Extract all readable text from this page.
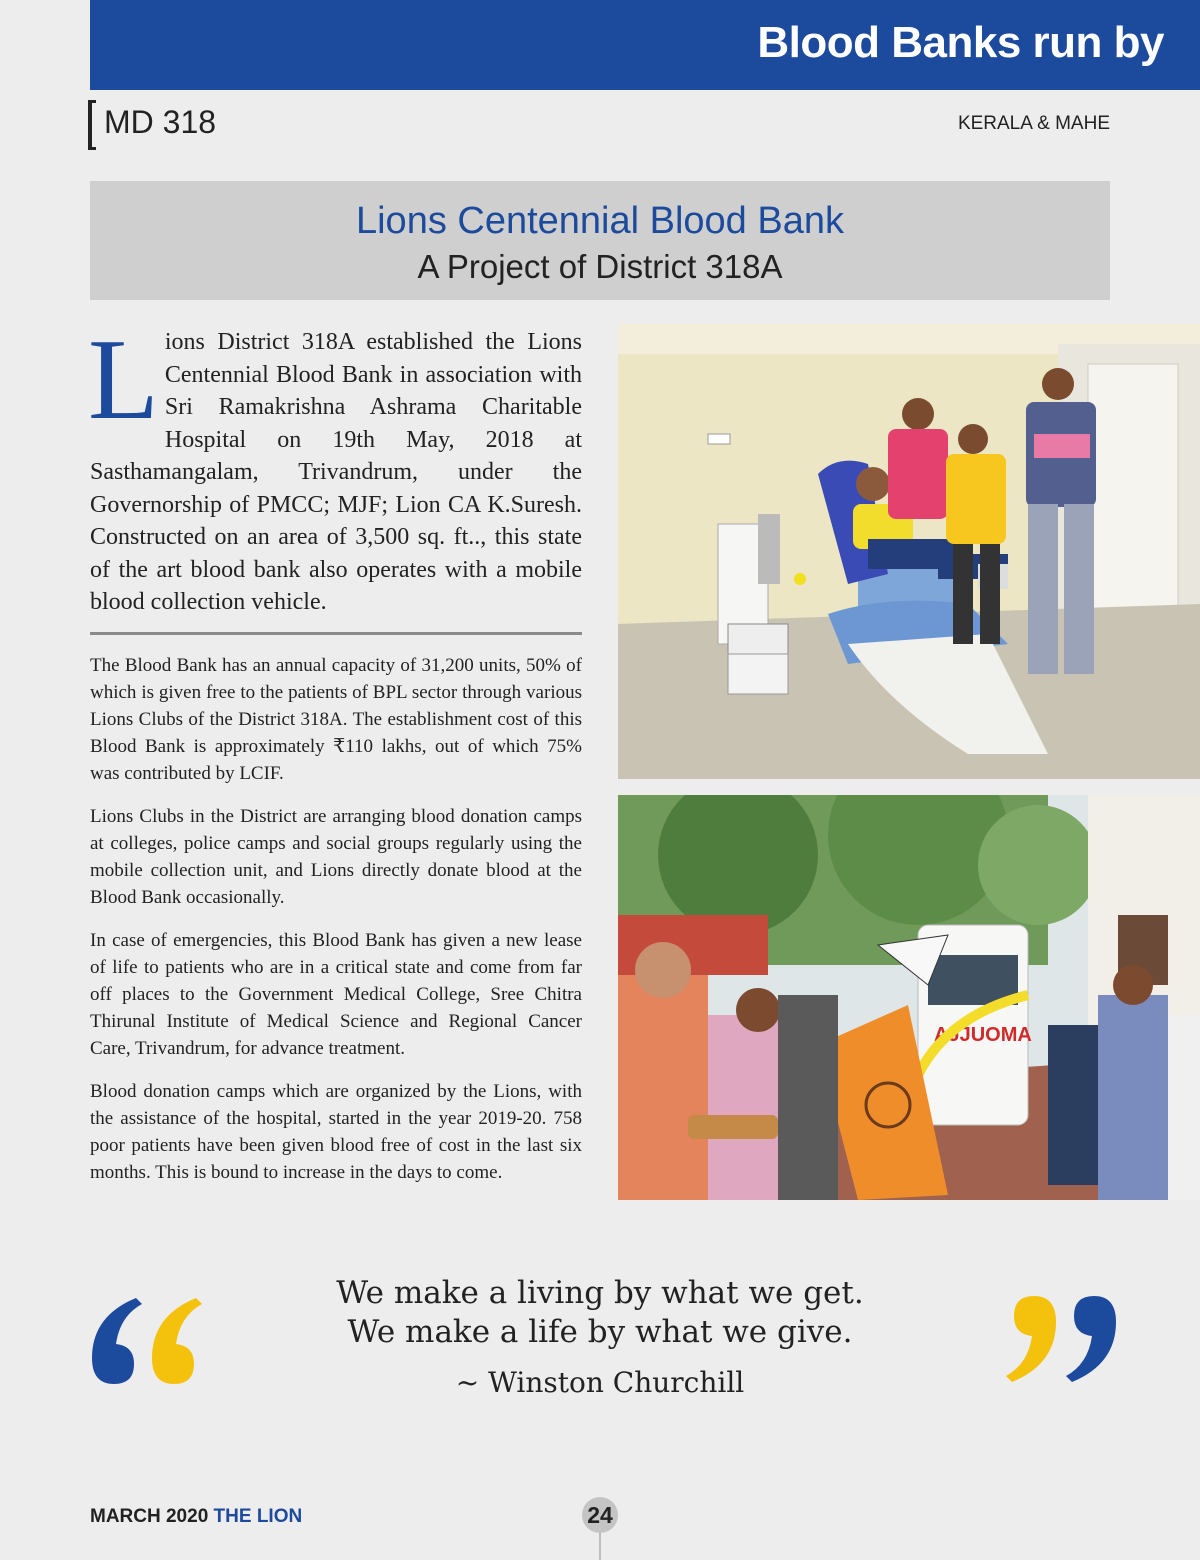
Blood Banks run by
MD 318	KERALA & MAHE
Lions Centennial Blood Bank
A Project of District 318A
Lions District 318A established the Lions Centennial Blood Bank in association with Sri Ramakrishna Ashrama Charitable Hospital on 19th May, 2018 at Sasthamangalam, Trivandrum, under the Governorship of PMCC; MJF; Lion CA K.Suresh. Constructed on an area of 3,500 sq. ft.., this state of the art blood bank also operates with a mobile blood collection vehicle.

The Blood Bank has an annual capacity of 31,200 units, 50% of which is given free to the patients of BPL sector through various Lions Clubs of the District 318A. The establishment cost of this Blood Bank is approximately ₹110 lakhs, out of which 75% was contributed by LCIF.

Lions Clubs in the District are arranging blood donation camps at colleges, police camps and social groups regularly using the mobile collection unit, and Lions directly donate blood at the Blood Bank occasionally.

In case of emergencies, this Blood Bank has given a new lease of life to patients who are in a critical state and come from far off places to the Government Medical College, Sree Chitra Thirunal Institute of Medical Science and Regional Cancer Care, Trivandrum, for advance treatment.

Blood donation camps which are organized by the Lions, with the assistance of the hospital, started in the year 2019-20. 758 poor patients have been given blood free of cost in the last six months. This is bound to increase in the days to come.

AJJUOMA
We make a living by what we get.
We make a life by what we give.
~ Winston Churchill
MARCH 2020 THE LION	24
